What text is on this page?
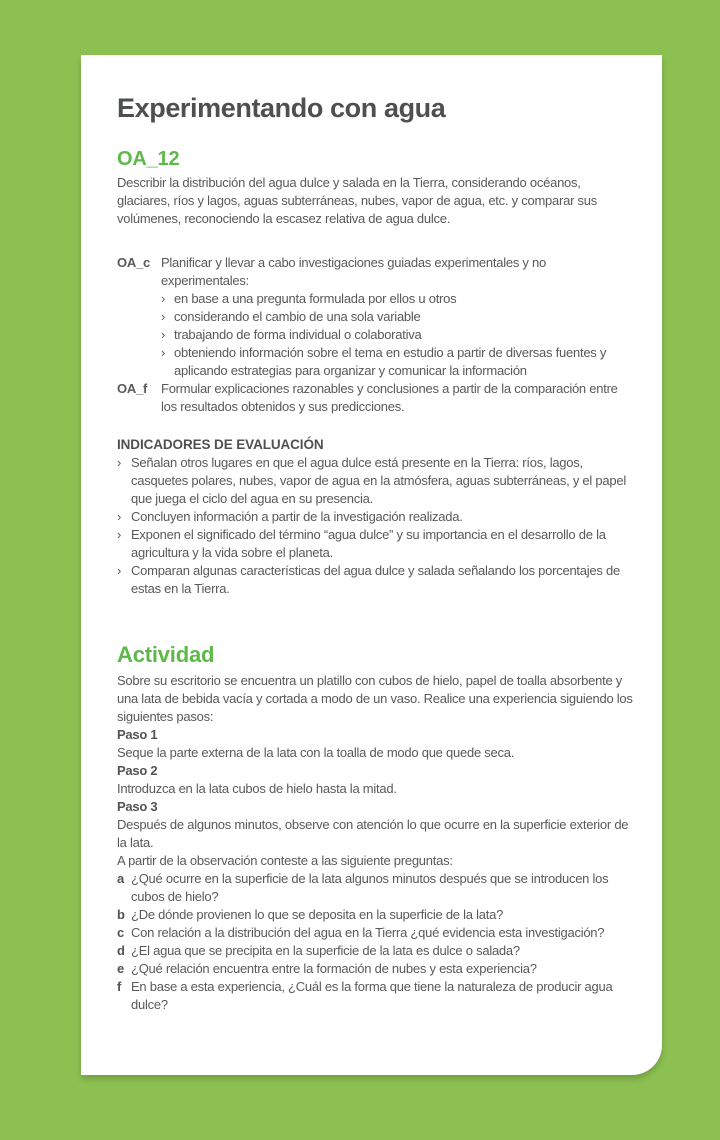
Experimentando con agua
OA_12

Describir la distribución del agua dulce y salada en la Tierra, considerando océanos, glaciares, ríos y lagos, aguas subterráneas, nubes, vapor de agua, etc. y comparar sus volúmenes, reconociendo la escasez relativa de agua dulce.

OA_c Planificar y llevar a cabo investigaciones guiadas experimentales y no experimentales:
› en base a una pregunta formulada por ellos u otros
› considerando el cambio de una sola variable
› trabajando de forma individual o colaborativa
› obteniendo información sobre el tema en estudio a partir de diversas fuentes y aplicando estrategias para organizar y comunicar la información
OA_f	Formular explicaciones razonables y conclusiones a partir de la comparación entre los resultados obtenidos y sus predicciones.
INDICADORES DE EVALUACIÓN
› Señalan otros lugares en que el agua dulce está presente en la Tierra: ríos, lagos, casquetes polares, nubes, vapor de agua en la atmósfera, aguas subterráneas, y el papel que juega el ciclo del agua en su presencia.
› Concluyen información a partir de la investigación realizada.
› Exponen el significado del término “agua dulce” y su importancia en el desarrollo de la agricultura y la vida sobre el planeta.
› Comparan algunas características del agua dulce y salada señalando los porcentajes de estas en la Tierra.
Actividad

Sobre su escritorio se encuentra un platillo con cubos de hielo, papel de toalla absorbente y una lata de bebida vacía y cortada a modo de un vaso. Realice una experiencia siguiendo los siguientes pasos:

Paso 1
Seque la parte externa de la lata con la toalla de modo que quede seca.
Paso 2
Introduzca en la lata cubos de hielo hasta la mitad.
Paso 3
Después de algunos minutos, observe con atención lo que ocurre en la superficie exterior de la lata.

A partir de la observación conteste a las siguiente preguntas:

a ¿Qué ocurre en la superficie de la lata algunos minutos después que se introducen los cubos de hielo?
b ¿De dónde provienen lo que se deposita en la superficie de la lata?
c Con relación a la distribución del agua en la Tierra ¿qué evidencia esta investigación?
d ¿El agua que se precipita en la superficie de la lata es dulce o salada?
e ¿Qué relación encuentra entre la formación de nubes y esta experiencia?
f En base a esta experiencia, ¿Cuál es la forma que tiene la naturaleza de producir agua dulce?
